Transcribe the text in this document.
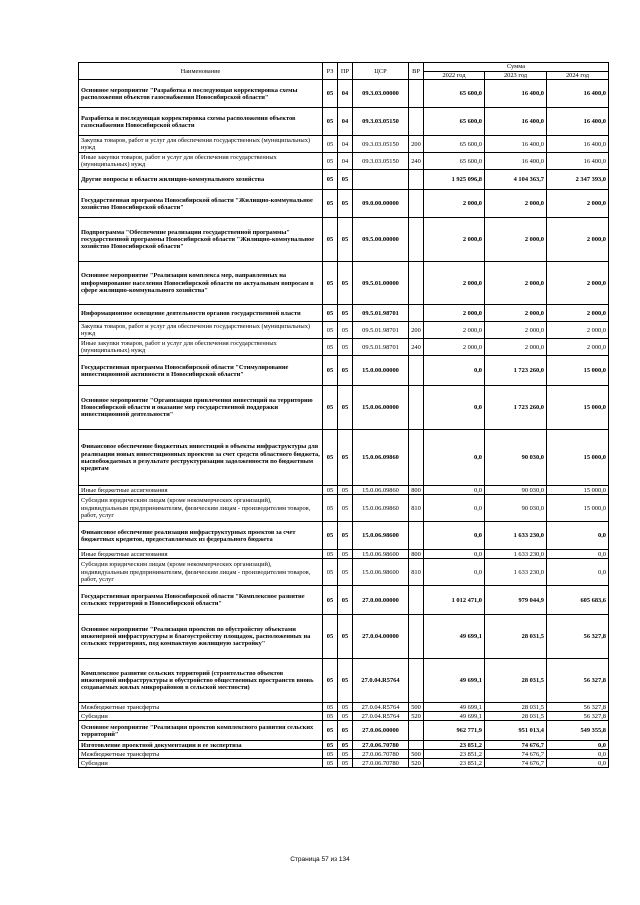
Наименование	РЗ	ПР	ЦСР	ВР	Сумма		
					2022 год	2023 год	2024 год
Основное мероприятие "Разработка и последующая корректировка схемы расположения объектов газоснабжения Новосибирской области"	05	04	09.3.03.00000		65 600,0	16 400,0	16 400,0
Разработка и последующая корректировка схемы расположения объектов газоснабжения Новосибирской области	05	04	09.3.03.05150		65 600,0	16 400,0	16 400,0
Закупка товаров, работ и услуг для обеспечения государственных (муниципальных) нужд	05	04	09.3.03.05150	200	65 600,0	16 400,0	16 400,0
Иные закупки товаров, работ и услуг для обеспечения государственных (муниципальных) нужд	05	04	09.3.03.05150	240	65 600,0	16 400,0	16 400,0
Другие вопросы в области жилищно-коммунального хозяйства	05	05			1 925 096,8	4 104 363,7	2 347 393,0
Государственная программа Новосибирской области "Жилищно-коммунальное хозяйство Новосибирской области"	05	05	09.0.00.00000		2 000,0	2 000,0	2 000,0
Подпрограмма "Обеспечение реализации государственной программы" государственной программы Новосибирской области "Жилищно-коммунальное хозяйство Новосибирской области"	05	05	09.5.00.00000		2 000,0	2 000,0	2 000,0
Основное мероприятие "Реализация комплекса мер, направленных на информирование населения Новосибирской области по актуальным вопросам в сфере жилищно-коммунального хозяйства"	05	05	09.5.01.00000		2 000,0	2 000,0	2 000,0
Информационное освещение деятельности органов государственной власти	05	05	09.5.01.98701		2 000,0	2 000,0	2 000,0
Закупка товаров, работ и услуг для обеспечения государственных (муниципальных) нужд	05	05	09.5.01.98701	200	2 000,0	2 000,0	2 000,0
Иные закупки товаров, работ и услуг для обеспечения государственных (муниципальных) нужд	05	05	09.5.01.98701	240	2 000,0	2 000,0	2 000,0
Государственная программа Новосибирской области "Стимулирование инвестиционной активности в Новосибирской области"	05	05	15.0.00.00000		0,0	1 723 260,0	15 000,0
Основное мероприятие "Организация привлечения инвестиций на территорию Новосибирской области и оказание мер государственной поддержки инвестиционной деятельности"	05	05	15.0.06.00000		0,0	1 723 260,0	15 000,0
Финансовое обеспечение бюджетных инвестиций в объекты инфраструктуры для реализации новых инвестиционных проектов за счет средств областного бюджета, высвобождаемых в результате реструктуризации задолженности по бюджетным кредитам	05	05	15.0.06.09860		0,0	90 030,0	15 000,0
Иные бюджетные ассигнования	05	05	15.0.06.09860	800	0,0	90 030,0	15 000,0
Субсидии юридическим лицам (кроме некоммерческих организаций), индивидуальным предпринимателям, физическим лицам - производителям товаров, работ, услуг	05	05	15.0.06.09860	810	0,0	90 030,0	15 000,0
Финансовое обеспечение реализации инфраструктурных проектов за счет бюджетных кредитов, предоставляемых из федерального бюджета	05	05	15.0.06.98600		0,0	1 633 230,0	0,0
Иные бюджетные ассигнования	05	05	15.0.06.98600	800	0,0	1 633 230,0	0,0
Субсидии юридическим лицам (кроме некоммерческих организаций), индивидуальным предпринимателям, физическим лицам - производителям товаров, работ, услуг	05	05	15.0.06.98600	810	0,0	1 633 230,0	0,0
Государственная программа Новосибирской области "Комплексное развитие сельских территорий в Новосибирской области"	05	05	27.0.00.00000		1 012 471,0	979 044,9	605 683,6
Основное мероприятие "Реализация проектов по обустройству объектами инженерной инфраструктуры и благоустройству площадок, расположенных на сельских территориях, под компактную жилищную застройку"	05	05	27.0.04.00000		49 699,1	28 031,5	56 327,8
Комплексное развитие сельских территорий (строительство объектов инженерной инфраструктуры и обустройство общественных пространств вновь создаваемых жилых микрорайонов в сельской местности)	05	05	27.0.04.R5764		49 699,1	28 031,5	56 327,8
Межбюджетные трансферты	05	05	27.0.04.R5764	500	49 699,1	28 031,5	56 327,8
Субсидии	05	05	27.0.04.R5764	520	49 699,1	28 031,5	56 327,8
Основное мероприятие "Реализация проектов комплексного развития сельских территорий"	05	05	27.0.06.00000		962 771,9	951 013,4	549 355,8
Изготовление проектной документации и ее экспертиза	05	05	27.0.06.70780		23 851,2	74 676,7	0,0
Межбюджетные трансферты	05	05	27.0.06.70780	500	23 851,2	74 676,7	0,0
Субсидии	05	05	27.0.06.70780	520	23 851,2	74 676,7	0,0
Страница 57 из 134
